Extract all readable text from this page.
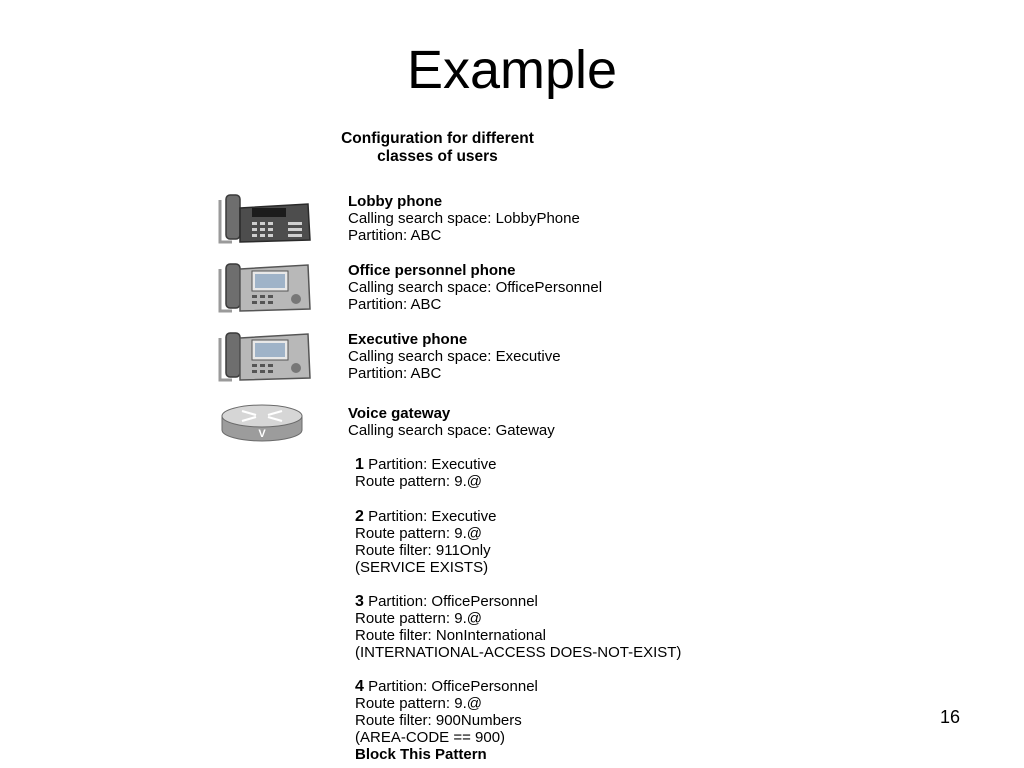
Example
Configuration for different
classes of users
Lobby phone
Calling search space: LobbyPhone
Partition: ABC
Office personnel phone
Calling search space: OfficePersonnel
Partition: ABC
Executive phone
Calling search space: Executive
Partition: ABC
V
Voice gateway
Calling search space: Gateway
1 Partition: Executive
Route pattern: 9.@
2 Partition: Executive
Route pattern: 9.@
Route filter: 911Only
(SERVICE EXISTS)
3 Partition: OfficePersonnel
Route pattern: 9.@
Route filter: NonInternational
(INTERNATIONAL-ACCESS DOES-NOT-EXIST)
4 Partition: OfficePersonnel
Route pattern: 9.@
Route filter: 900Numbers
(AREA-CODE == 900)
Block This Pattern
16
